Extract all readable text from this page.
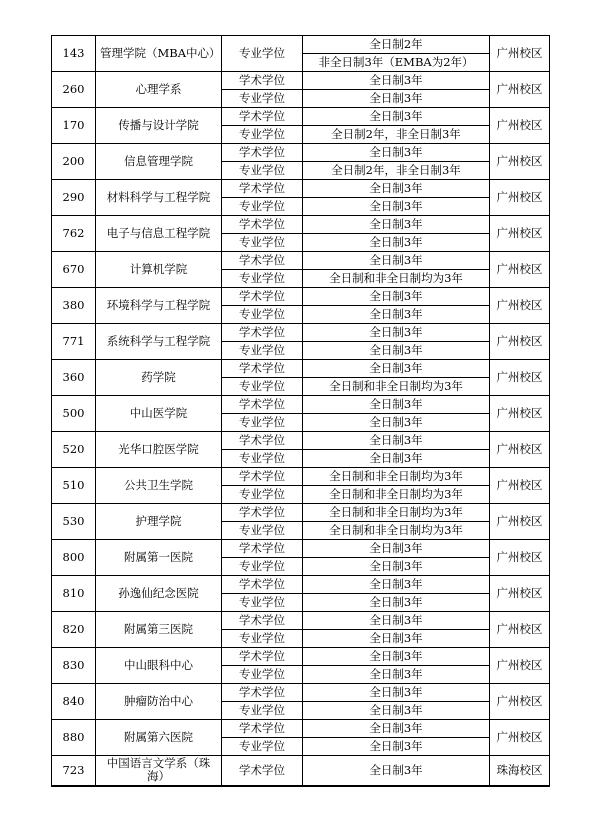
143	管理学院（MBA中心）	专业学位	全日制2年	广州校区
			非全日制3年（EMBA为2年）	
260	心理学系	学术学位	全日制3年	广州校区
		专业学位	全日制3年	
170	传播与设计学院	学术学位	全日制3年	广州校区
		专业学位	全日制2年，非全日制3年	
200	信息管理学院	学术学位	全日制3年	广州校区
		专业学位	全日制2年，非全日制3年	
290	材料科学与工程学院	学术学位	全日制3年	广州校区
		专业学位	全日制3年	
762	电子与信息工程学院	学术学位	全日制3年	广州校区
		专业学位	全日制3年	
670	计算机学院	学术学位	全日制3年	广州校区
		专业学位	全日制和非全日制均为3年	
380	环境科学与工程学院	学术学位	全日制3年	广州校区
		专业学位	全日制3年	
771	系统科学与工程学院	学术学位	全日制3年	广州校区
		专业学位	全日制3年	
360	药学院	学术学位	全日制3年	广州校区
		专业学位	全日制和非全日制均为3年	
500	中山医学院	学术学位	全日制3年	广州校区
		专业学位	全日制3年	
520	光华口腔医学院	学术学位	全日制3年	广州校区
		专业学位	全日制3年	
510	公共卫生学院	学术学位	全日制和非全日制均为3年	广州校区
		专业学位	全日制和非全日制均为3年	
530	护理学院	学术学位	全日制和非全日制均为3年	广州校区
		专业学位	全日制和非全日制均为3年	
800	附属第一医院	学术学位	全日制3年	广州校区
		专业学位	全日制3年	
810	孙逸仙纪念医院	学术学位	全日制3年	广州校区
		专业学位	全日制3年	
820	附属第三医院	学术学位	全日制3年	广州校区
		专业学位	全日制3年	
830	中山眼科中心	学术学位	全日制3年	广州校区
		专业学位	全日制3年	
840	肿瘤防治中心	学术学位	全日制3年	广州校区
		专业学位	全日制3年	
880	附属第六医院	学术学位	全日制3年	广州校区
		专业学位	全日制3年	
723	中国语言文学系（珠海）	学术学位	全日制3年	珠海校区
